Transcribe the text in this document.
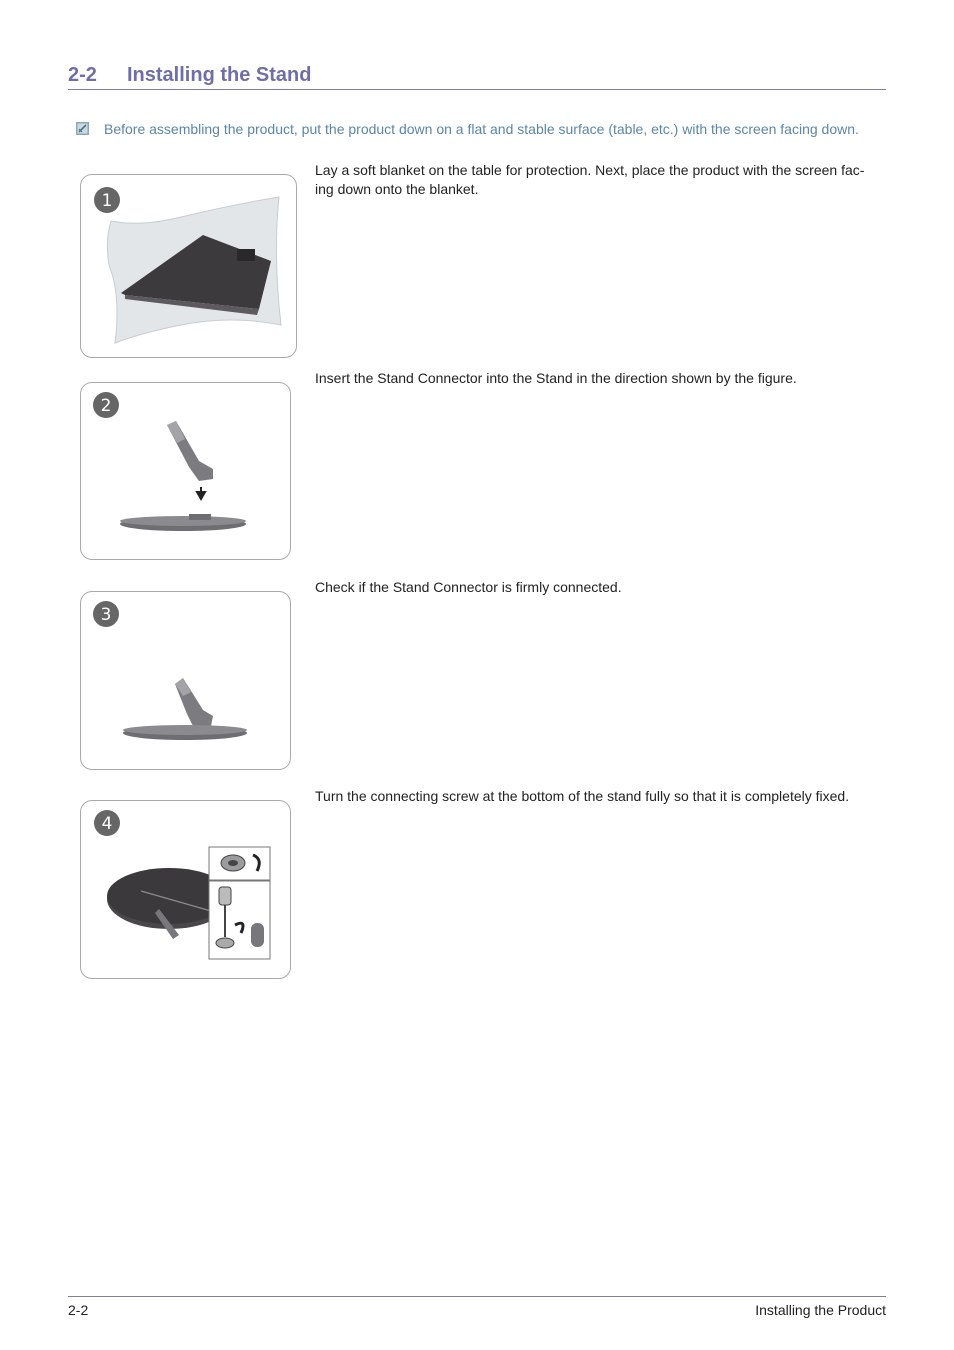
2-2 Installing the Stand
Before assembling the product, put the product down on a flat and stable surface (table, etc.) with the screen facing down.
1
Lay a soft blanket on the table for protection. Next, place the product with the screen fac-
ing down onto the blanket.
2
Insert the Stand Connector into the Stand in the direction shown by the figure.
3
Check if the Stand Connector is firmly connected.
4
Turn the connecting screw at the bottom of the stand fully so that it is completely fixed.
2-2	Installing the Product
